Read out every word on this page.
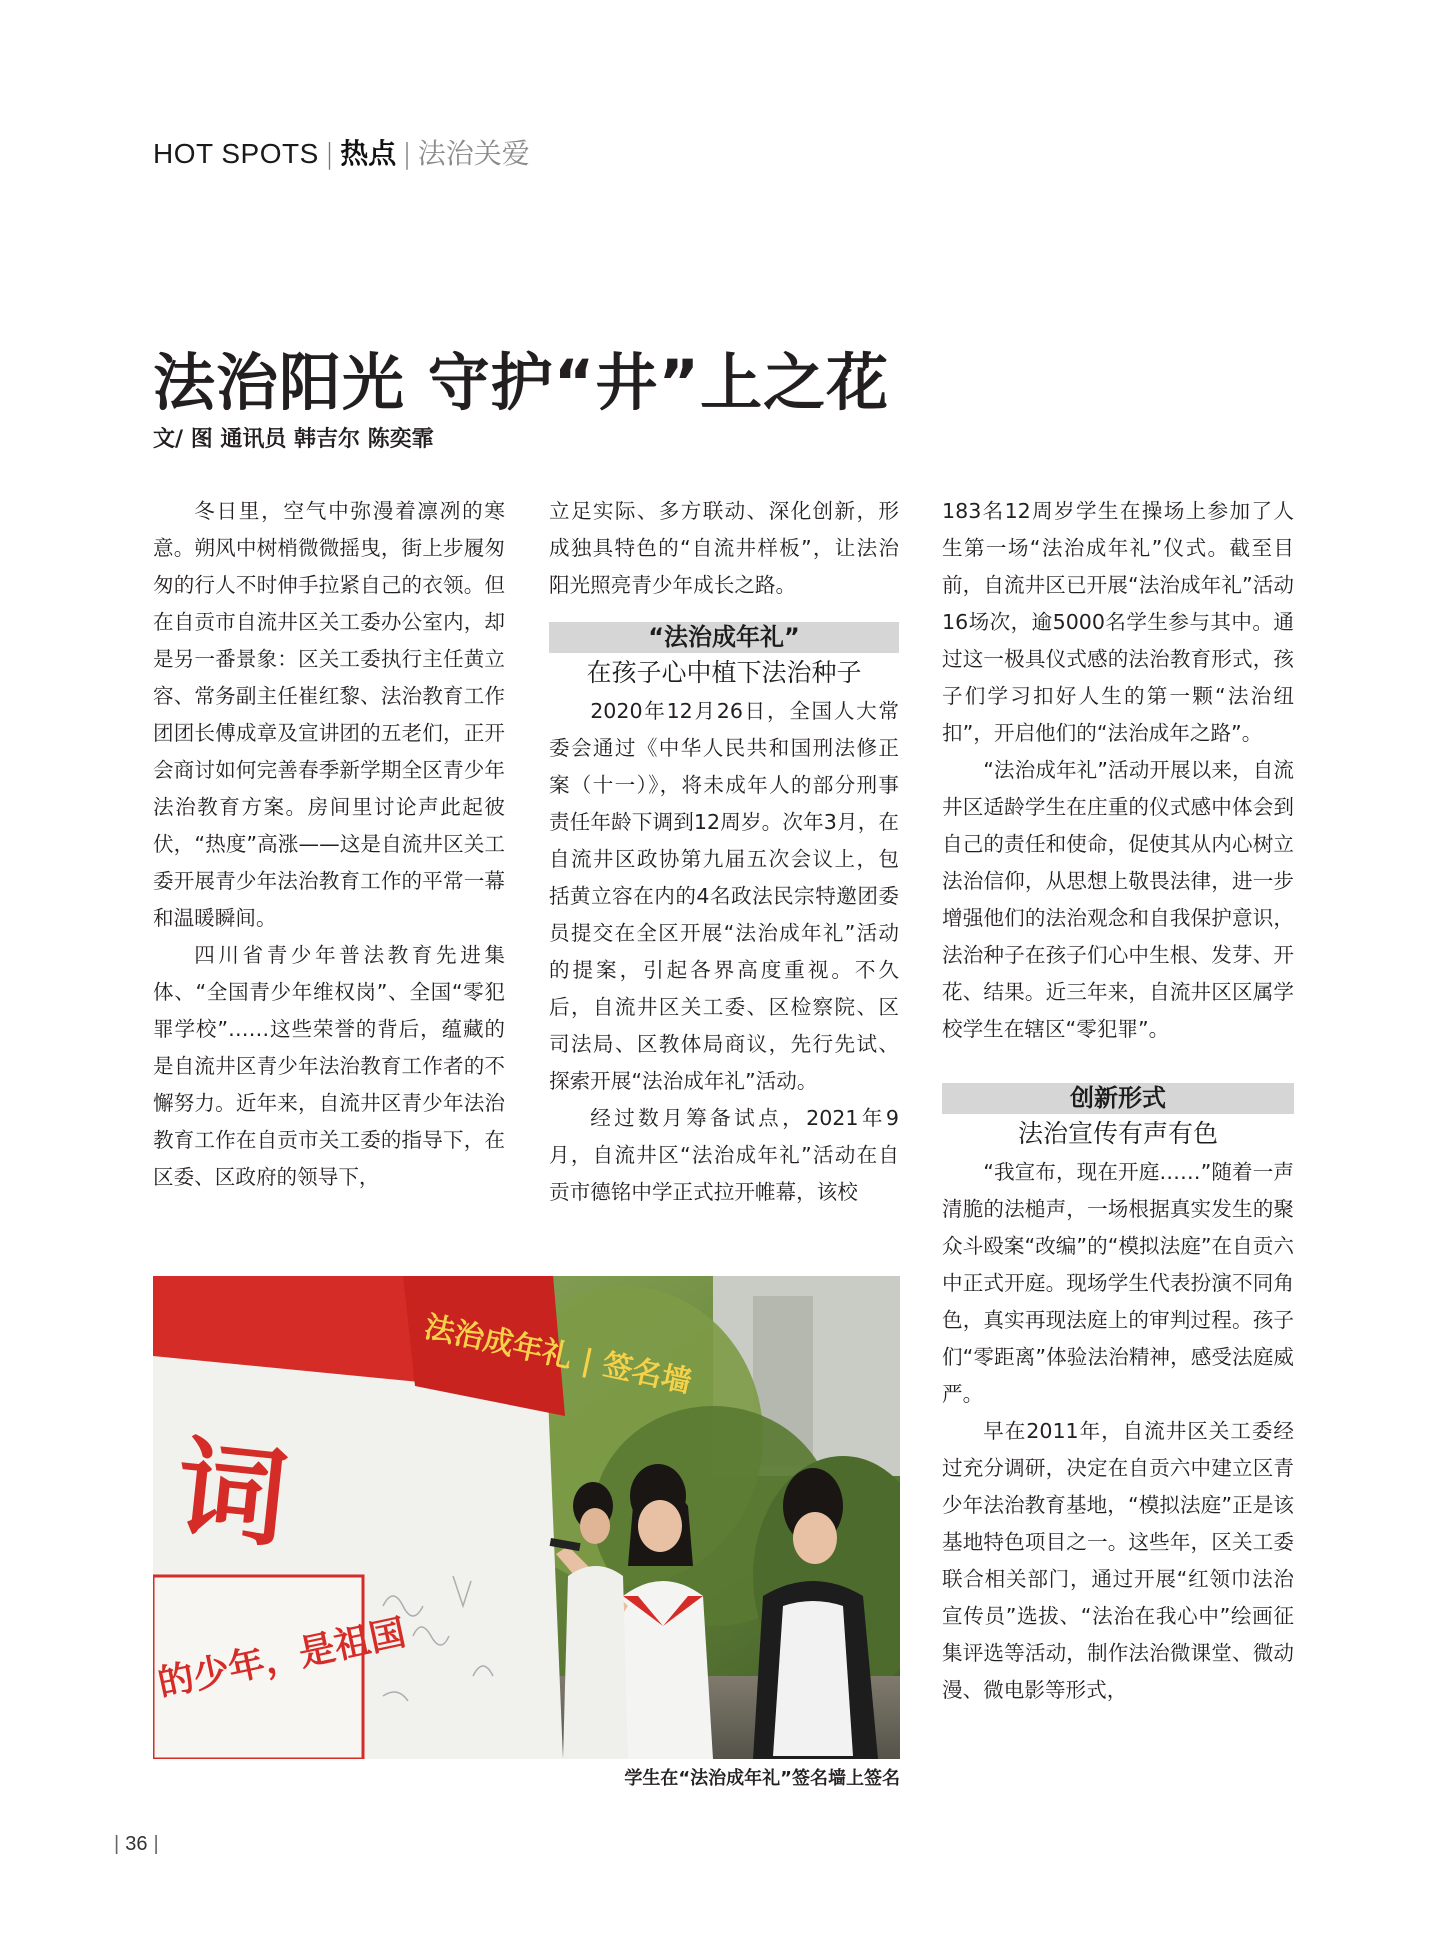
HOT SPOTS | 热点 | 法治关爱
法治阳光 守护“井”上之花
文/ 图 通讯员 韩吉尔 陈奕霏

冬日里，空气中弥漫着凛冽的寒意。朔风中树梢微微摇曳，街上步履匆匆的行人不时伸手拉紧自己的衣领。但在自贡市自流井区关工委办公室内，却是另一番景象：区关工委执行主任黄立容、常务副主任崔红黎、法治教育工作团团长傅成章及宣讲团的五老们，正开会商讨如何完善春季新学期全区青少年法治教育方案。房间里讨论声此起彼伏，“热度”高涨——这是自流井区关工委开展青少年法治教育工作的平常一幕和温暖瞬间。

四川省青少年普法教育先进集体、“全国青少年维权岗”、全国“零犯罪学校”……这些荣誉的背后，蕴藏的是自流井区青少年法治教育工作者的不懈努力。近年来，自流井区青少年法治教育工作在自贡市关工委的指导下，在区委、区政府的领导下，

立足实际、多方联动、深化创新，形成独具特色的“自流井样板”，让法治阳光照亮青少年成长之路。

“法治成年礼”
在孩子心中植下法治种子

2020年12月26日，全国人大常委会通过《中华人民共和国刑法修正案（十一）》，将未成年人的部分刑事责任年龄下调到12周岁。次年3月，在自流井区政协第九届五次会议上，包括黄立容在内的4名政法民宗特邀团委员提交在全区开展“法治成年礼”活动的提案，引起各界高度重视。不久后，自流井区关工委、区检察院、区司法局、区教体局商议，先行先试、探索开展“法治成年礼”活动。

经过数月筹备试点，2021年9月，自流井区“法治成年礼”活动在自贡市德铭中学正式拉开帷幕，该校

183名12周岁学生在操场上参加了人生第一场“法治成年礼”仪式。截至目前，自流井区已开展“法治成年礼”活动16场次，逾5000名学生参与其中。通过这一极具仪式感的法治教育形式，孩子们学习扣好人生的第一颗“法治纽扣”，开启他们的“法治成年之路”。

“法治成年礼”活动开展以来，自流井区适龄学生在庄重的仪式感中体会到自己的责任和使命，促使其从内心树立法治信仰，从思想上敬畏法律，进一步增强他们的法治观念和自我保护意识，法治种子在孩子们心中生根、发芽、开花、结果。近三年来，自流井区区属学校学生在辖区“零犯罪”。

创新形式
法治宣传有声有色

“我宣布，现在开庭……”随着一声清脆的法槌声，一场根据真实发生的聚众斗殴案“改编”的“模拟法庭”在自贡六中正式开庭。现场学生代表扮演不同角色，真实再现法庭上的审判过程。孩子们“零距离”体验法治精神，感受法庭威严。

早在2011年，自流井区关工委经过充分调研，决定在自贡六中建立区青少年法治教育基地，“模拟法庭”正是该基地特色项目之一。这些年，区关工委联合相关部门，通过开展“红领巾法治宣传员”选拔、“法治在我心中”绘画征集评选等活动，制作法治微课堂、微动漫、微电影等形式，

法治成年礼 | 签名墙
词
的少年，是祖国
学生在“法治成年礼”签名墙上签名
| 36 |
